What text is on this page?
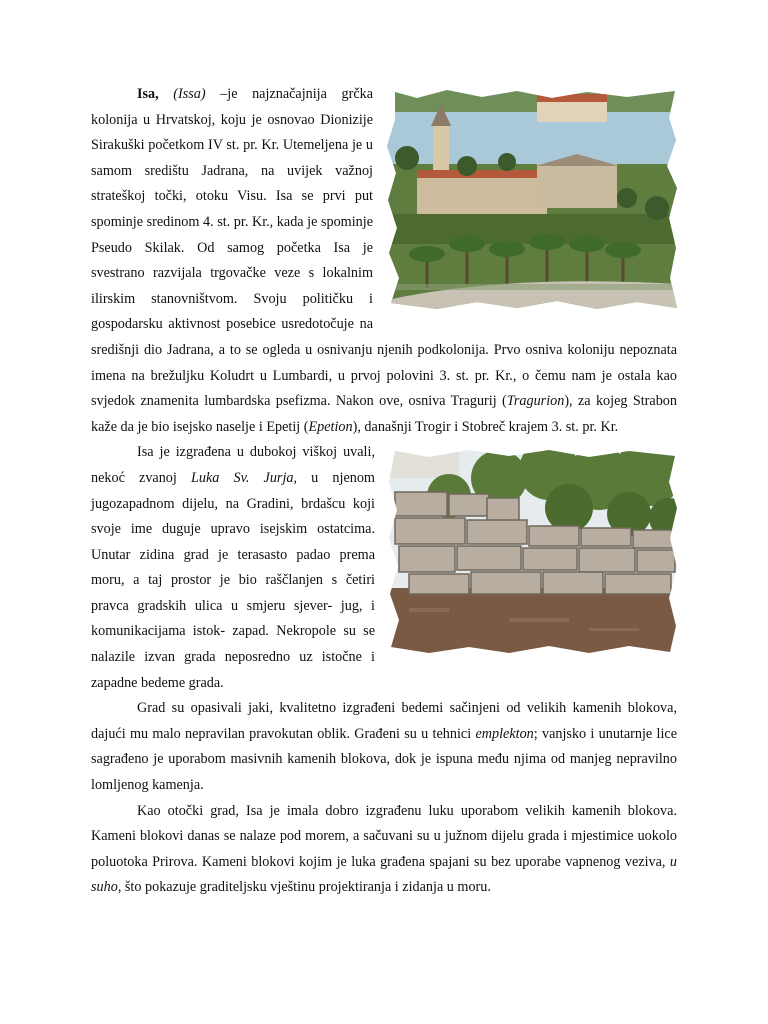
Isa, (Issa) –je najznačajnija grčka kolonija u Hrvatskoj, koju je osnovao Dionizije Sirakuški početkom IV st. pr. Kr. Utemeljena je u samom središtu Jadrana, na uvijek važnoj strateškoj točki, otoku Visu. Isa se prvi put spominje sredinom 4. st. pr. Kr., kada je spominje Pseudo Skilak. Od samog početka Isa je svestrano razvijala trgovačke veze s lokalnim ilirskim stanovništvom. Svoju političku i gospodarsku aktivnost posebice usredotočuje na središnji dio Jadrana, a to se ogleda u osnivanju njenih podkolonija. Prvo osniva koloniju nepoznata imena na brežuljku Koludrt u Lumbardi, u prvoj polovini 3. st. pr. Kr., o čemu nam je ostala kao svjedok znamenita lumbardska psefizma. Nakon ove, osniva Tragurij (Tragurion), za kojeg Strabon kaže da je bio isejsko naselje i Epetij (Epetion), današnji Trogir i Stobreč krajem 3. st. pr. Kr.

Isa je izgrađena u dubokoj viškoj uvali, nekoć zvanoj Luka Sv. Jurja, u njenom jugozapadnom dijelu, na Gradini, brdašcu koji svoje ime duguje upravo isejskim ostatcima. Unutar zidina grad je terasasto padao prema moru, a taj prostor je bio raščlanjen s četiri pravca gradskih ulica u smjeru sjever- jug, i komunikacijama istok- zapad. Nekropole su se nalazile izvan grada neposredno uz istočne i zapadne bedeme grada.

Grad su opasivali jaki, kvalitetno izgrađeni bedemi sačinjeni od velikih kamenih blokova, dajući mu malo nepravilan pravokutan oblik. Građeni su u tehnici emplekton; vanjsko i unutarnje lice sagrađeno je uporabom masivnih kamenih blokova, dok je ispuna među njima od manjeg nepravilno lomljenog kamenja.

Kao otočki grad, Isa je imala dobro izgrađenu luku uporabom velikih kamenih blokova. Kameni blokovi danas se nalaze pod morem, a sačuvani su u južnom dijelu grada i mjestimice uokolo poluotoka Prirova. Kameni blokovi kojim je luka građena spajani su bez uporabe vapnenog veziva, u suho, što pokazuje graditeljsku vještinu projektiranja i zidanja u moru.
